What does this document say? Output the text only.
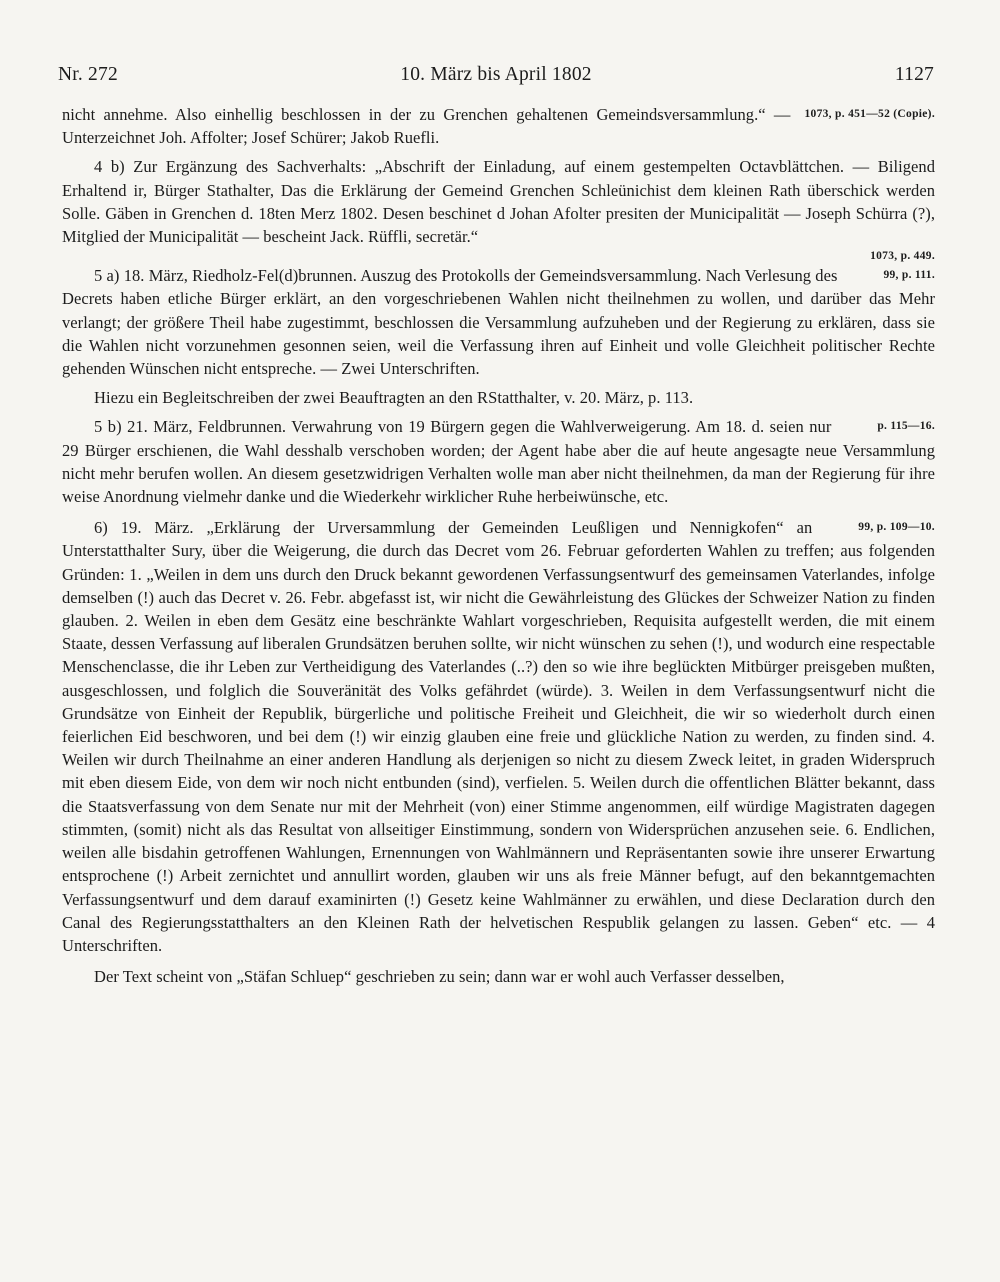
Nr. 272	10. März bis April 1802	1127

1073, p. 451—52 (Copie).
nicht annehme. Also einhellig beschlossen in der zu Grenchen gehaltenen Gemeindsversammlung.“ — Unterzeichnet Joh. Affolter; Josef Schürer; Jakob Ruefli.

4 b) Zur Ergänzung des Sachverhalts: „Abschrift der Einladung, auf einem gestempelten Octavblättchen. — Biligend Erhaltend ir, Bürger Stathalter, Das die Erklärung der Gemeind Grenchen Schleünichist dem kleinen Rath überschick werden Solle. Gäben in Grenchen d. 18ten Merz 1802. Desen beschinet d Johan Afolter presiten der Municipalität — Joseph Schürra (?), Mitglied der Municipalität — bescheint Jack. Rüffli, secretär.“

1073, p. 449.

99, p. 111.
5 a) 18. März, Riedholz-Fel(d)brunnen. Auszug des Protokolls der Gemeindsversammlung. Nach Verlesung des Decrets haben etliche Bürger erklärt, an den vorgeschriebenen Wahlen nicht theilnehmen zu wollen, und darüber das Mehr verlangt; der größere Theil habe zugestimmt, beschlossen die Versammlung aufzuheben und der Regierung zu erklären, dass sie die Wahlen nicht vorzunehmen gesonnen seien, weil die Verfassung ihren auf Einheit und volle Gleichheit politischer Rechte gehenden Wünschen nicht entspreche. — Zwei Unterschriften.

Hiezu ein Begleitschreiben der zwei Beauftragten an den RStatthalter, v. 20. März, p. 113.

p. 115—16.
5 b) 21. März, Feldbrunnen. Verwahrung von 19 Bürgern gegen die Wahlverweigerung. Am 18. d. seien nur 29 Bürger erschienen, die Wahl desshalb verschoben worden; der Agent habe aber die auf heute angesagte neue Versammlung nicht mehr berufen wollen. An diesem gesetzwidrigen Verhalten wolle man aber nicht theilnehmen, da man der Regierung für ihre weise Anordnung vielmehr danke und die Wiederkehr wirklicher Ruhe herbeiwünsche, etc.

99, p. 109—10.
6) 19. März. „Erklärung der Urversammlung der Gemeinden Leußligen und Nennigkofen“ an Unterstatthalter Sury, über die Weigerung, die durch das Decret vom 26. Februar geforderten Wahlen zu treffen; aus folgenden Gründen: 1. „Weilen in dem uns durch den Druck bekannt gewordenen Verfassungsentwurf des gemeinsamen Vaterlandes, infolge demselben (!) auch das Decret v. 26. Febr. abgefasst ist, wir nicht die Gewährleistung des Glückes der Schweizer Nation zu finden glauben. 2. Weilen in eben dem Gesätz eine beschränkte Wahlart vorgeschrieben, Requisita aufgestellt werden, die mit einem Staate, dessen Verfassung auf liberalen Grundsätzen beruhen sollte, wir nicht wünschen zu sehen (!), und wodurch eine respectable Menschenclasse, die ihr Leben zur Vertheidigung des Vaterlandes (..?) den so wie ihre beglückten Mitbürger preisgeben mußten, ausgeschlossen, und folglich die Souveränität des Volks gefährdet (würde). 3. Weilen in dem Verfassungsentwurf nicht die Grundsätze von Einheit der Republik, bürgerliche und politische Freiheit und Gleichheit, die wir so wiederholt durch einen feierlichen Eid beschworen, und bei dem (!) wir einzig glauben eine freie und glückliche Nation zu werden, zu finden sind. 4. Weilen wir durch Theilnahme an einer anderen Handlung als derjenigen so nicht zu diesem Zweck leitet, in graden Widerspruch mit eben diesem Eide, von dem wir noch nicht entbunden (sind), verfielen. 5. Weilen durch die offentlichen Blätter bekannt, dass die Staatsverfassung von dem Senate nur mit der Mehrheit (von) einer Stimme angenommen, eilf würdige Magistraten dagegen stimmten, (somit) nicht als das Resultat von allseitiger Einstimmung, sondern von Widersprüchen anzusehen seie. 6. Endlichen, weilen alle bisdahin getroffenen Wahlungen, Ernennungen von Wahlmännern und Repräsentanten sowie ihre unserer Erwartung entsprochene (!) Arbeit zernichtet und annullirt worden, glauben wir uns als freie Männer befugt, auf den bekanntgemachten Verfassungsentwurf und dem darauf examinirten (!) Gesetz keine Wahlmänner zu erwählen, und diese Declaration durch den Canal des Regierungsstatthalters an den Kleinen Rath der helvetischen Respublik gelangen zu lassen. Geben“ etc. — 4 Unterschriften.

Der Text scheint von „Stäfan Schluep“ geschrieben zu sein; dann war er wohl auch Verfasser desselben,
